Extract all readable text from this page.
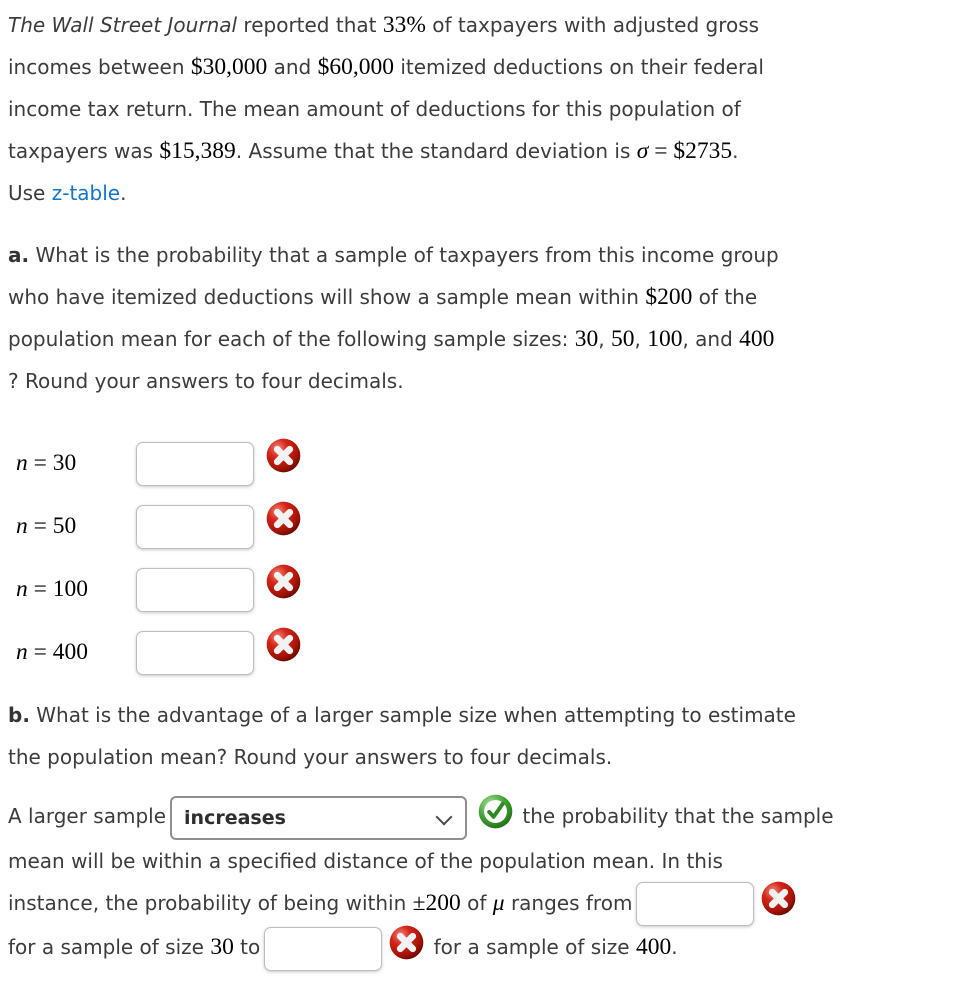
The Wall Street Journal reported that 33% of taxpayers with adjusted gross
incomes between $30,000 and $60,000 itemized deductions on their federal
income tax return. The mean amount of deductions for this population of
taxpayers was $15,389. Assume that the standard deviation is σ = $2735.
Use z-table.
a. What is the probability that a sample of taxpayers from this income group
who have itemized deductions will show a sample mean within $200 of the
population mean for each of the following sample sizes: 30, 50, 100, and 400
? Round your answers to four decimals.
n = 30
n = 50
n = 100
n = 400
b. What is the advantage of a larger sample size when attempting to estimate
the population mean? Round your answers to four decimals.
A larger sample
increases	the probability that the sample
mean will be within a specified distance of the population mean. In this
instance, the probability of being within ±200 of μ ranges from
for a sample of size 30 to	for a sample of size 400.
